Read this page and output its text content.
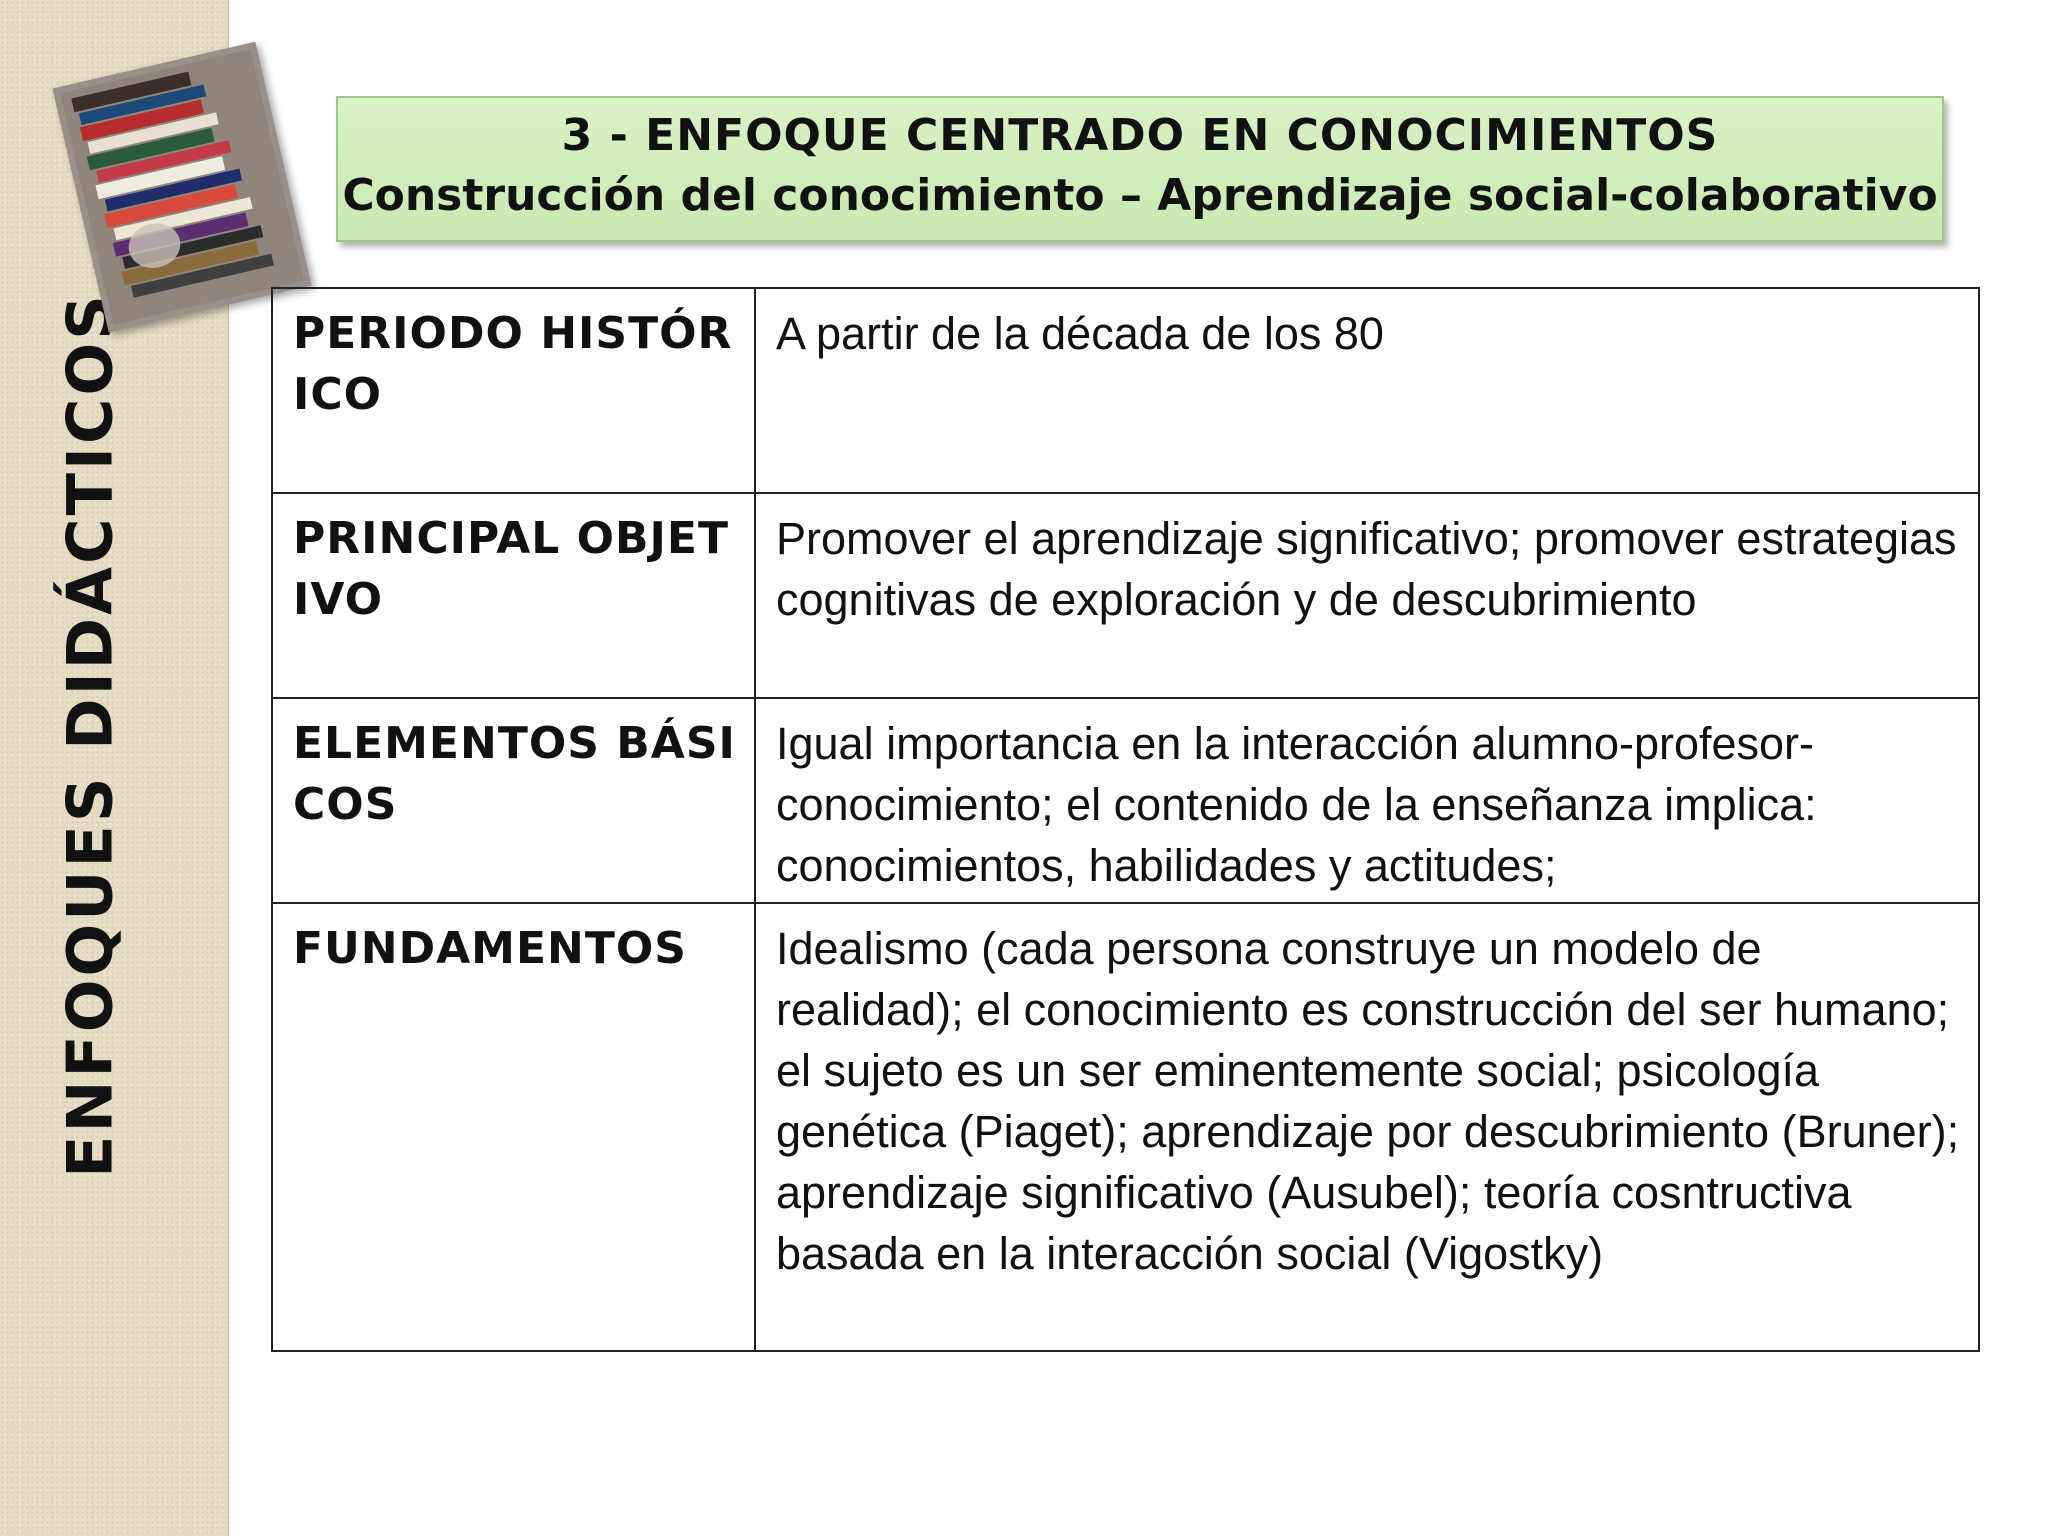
ENFOQUES DIDÁCTICOS
3 - ENFOQUE CENTRADO EN CONOCIMIENTOS
Construcción del conocimiento – Aprendizaje social-colaborativo
PERIODO HISTÓRICO	A partir de la década de los 80
PRINCIPAL OBJETIVO	Promover el aprendizaje significativo; promover estrategias cognitivas de exploración y de descubrimiento
ELEMENTOS BÁSICOS	Igual importancia en la interacción alumno-profesor-conocimiento; el contenido de la enseñanza implica: conocimientos, habilidades y actitudes;
FUNDAMENTOS	Idealismo (cada persona construye un modelo de realidad); el conocimiento es construcción del ser humano; el sujeto es un ser eminentemente social; psicología genética (Piaget); aprendizaje por descubrimiento (Bruner); aprendizaje significativo (Ausubel); teoría cosntructiva basada en la interacción social (Vigostky)
